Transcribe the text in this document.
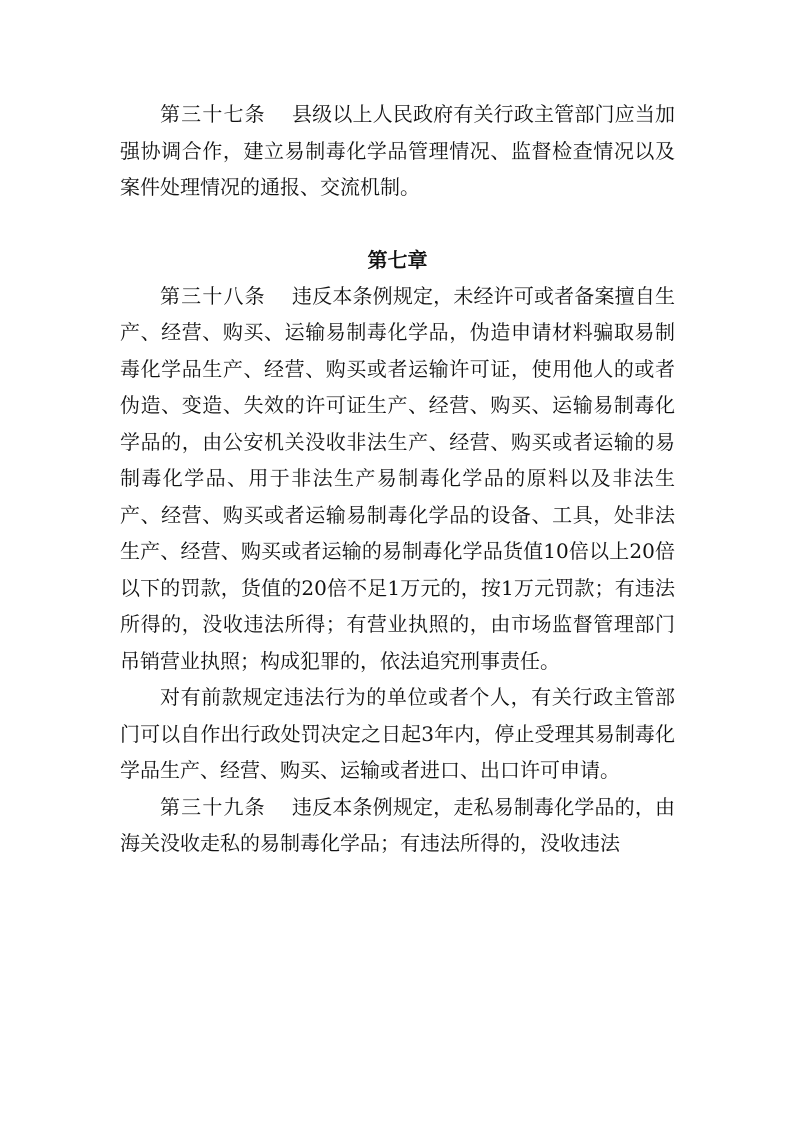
第三十七条 县级以上人民政府有关行政主管部门应当加强协调合作，建立易制毒化学品管理情况、监督检查情况以及案件处理情况的通报、交流机制。

第七章

第三十八条 违反本条例规定，未经许可或者备案擅自生产、经营、购买、运输易制毒化学品，伪造申请材料骗取易制毒化学品生产、经营、购买或者运输许可证，使用他人的或者伪造、变造、失效的许可证生产、经营、购买、运输易制毒化学品的，由公安机关没收非法生产、经营、购买或者运输的易制毒化学品、用于非法生产易制毒化学品的原料以及非法生产、经营、购买或者运输易制毒化学品的设备、工具，处非法生产、经营、购买或者运输的易制毒化学品货值10倍以上20倍以下的罚款，货值的20倍不足1万元的，按1万元罚款；有违法所得的，没收违法所得；有营业执照的，由市场监督管理部门吊销营业执照；构成犯罪的，依法追究刑事责任。

对有前款规定违法行为的单位或者个人，有关行政主管部门可以自作出行政处罚决定之日起3年内，停止受理其易制毒化学品生产、经营、购买、运输或者进口、出口许可申请。

第三十九条 违反本条例规定，走私易制毒化学品的，由海关没收走私的易制毒化学品；有违法所得的，没收违法
